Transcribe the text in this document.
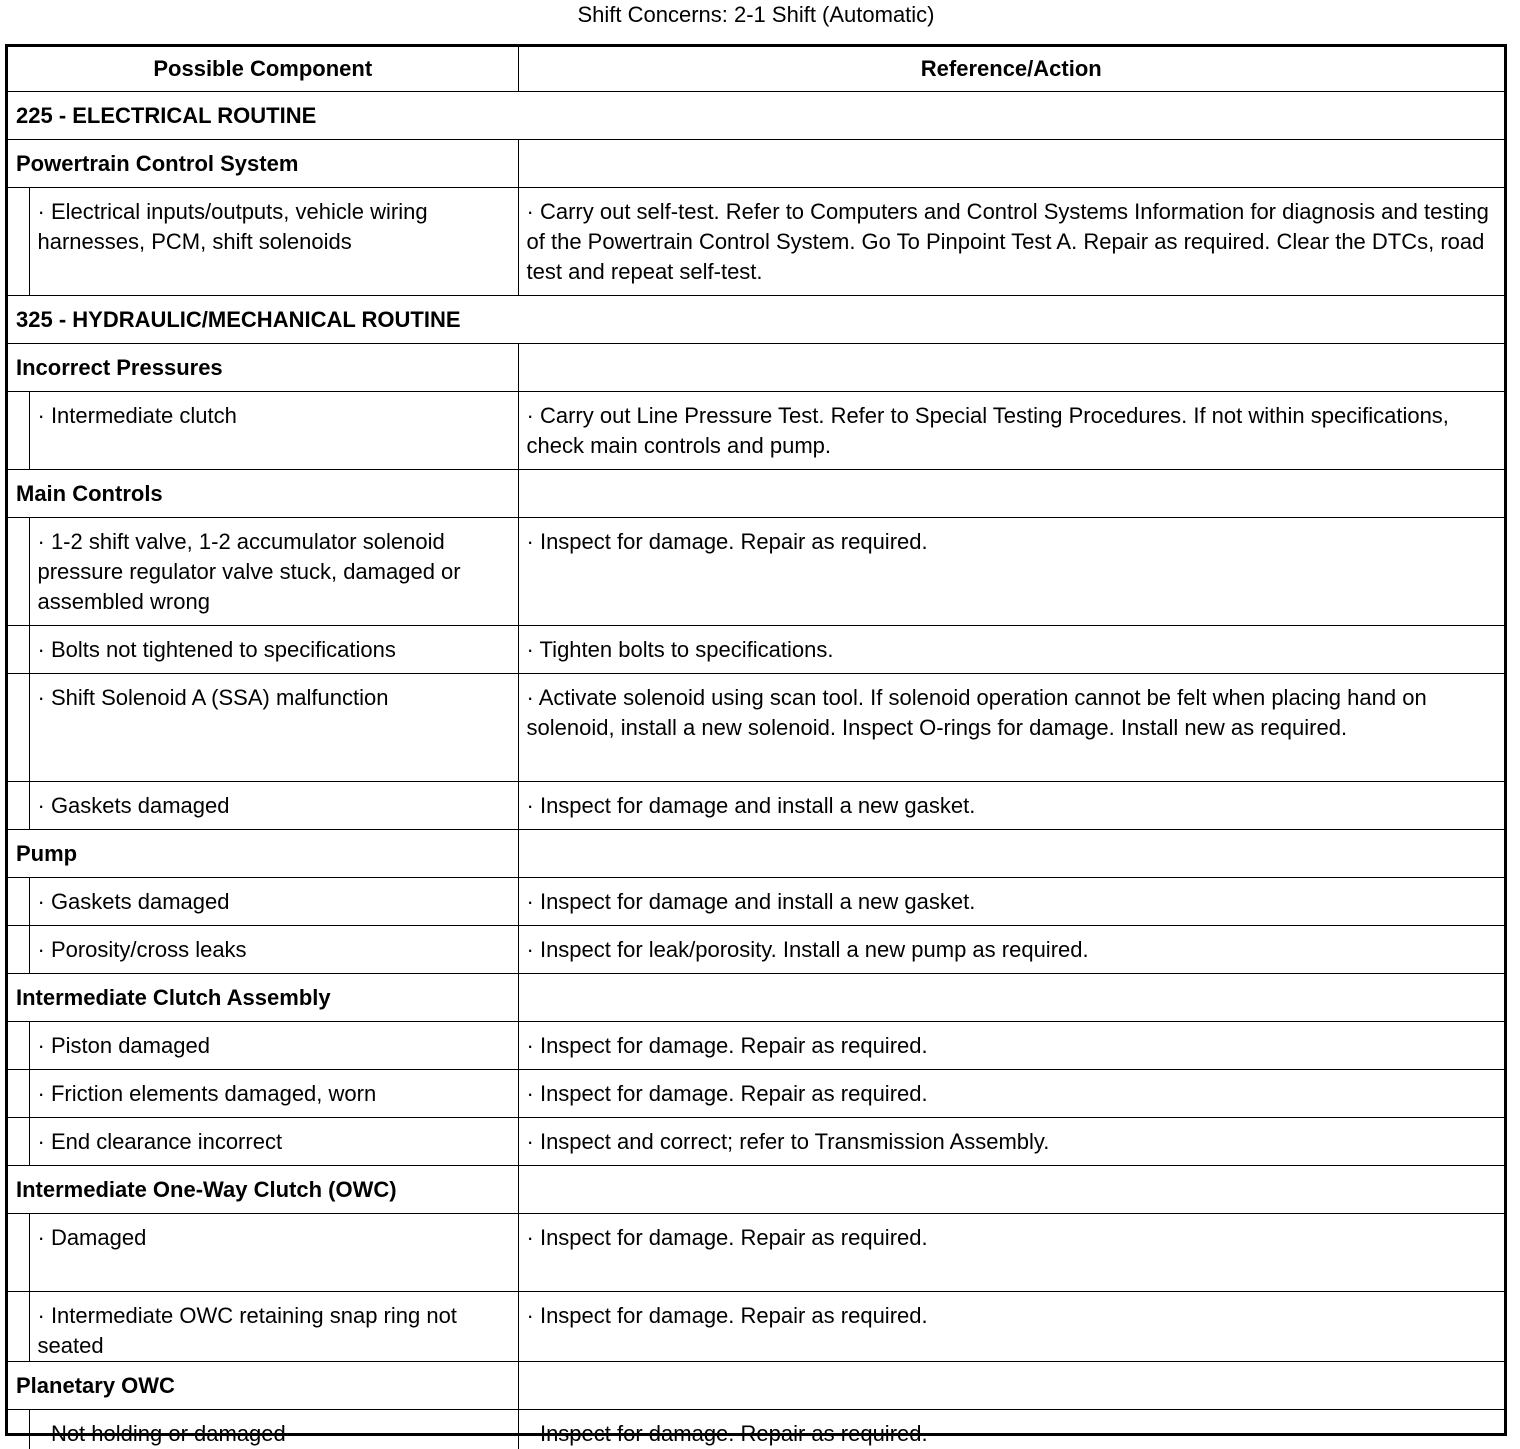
Shift Concerns: 2-1 Shift (Automatic)
Possible Component		Reference/Action
225 - ELECTRICAL ROUTINE		
Powertrain Control System		
	· Electrical inputs/outputs, vehicle wiring harnesses, PCM, shift solenoids	· Carry out self-test. Refer to Computers and Control Systems Information for diagnosis and testing of the Powertrain Control System. Go To Pinpoint Test A. Repair as required. Clear the DTCs, road test and repeat self-test.
325 - HYDRAULIC/MECHANICAL ROUTINE		
Incorrect Pressures		
	· Intermediate clutch	· Carry out Line Pressure Test. Refer to Special Testing Procedures. If not within specifications, check main controls and pump.
Main Controls		
	· 1-2 shift valve, 1-2 accumulator solenoid pressure regulator valve stuck, damaged or assembled wrong	· Inspect for damage. Repair as required.
	· Bolts not tightened to specifications	· Tighten bolts to specifications.
	· Shift Solenoid A (SSA) malfunction	· Activate solenoid using scan tool. If solenoid operation cannot be felt when placing hand on solenoid, install a new solenoid. Inspect O-rings for damage. Install new as required.
	· Gaskets damaged	· Inspect for damage and install a new gasket.
Pump		
	· Gaskets damaged	· Inspect for damage and install a new gasket.
	· Porosity/cross leaks	· Inspect for leak/porosity. Install a new pump as required.
Intermediate Clutch Assembly		
	· Piston damaged	· Inspect for damage. Repair as required.
	· Friction elements damaged, worn	· Inspect for damage. Repair as required.
	· End clearance incorrect	· Inspect and correct; refer to Transmission Assembly.
Intermediate One-Way Clutch (OWC)		
	· Damaged	· Inspect for damage. Repair as required.
	· Intermediate OWC retaining snap ring not seated	· Inspect for damage. Repair as required.
Planetary OWC		
	· Not holding or damaged	· Inspect for damage. Repair as required.
